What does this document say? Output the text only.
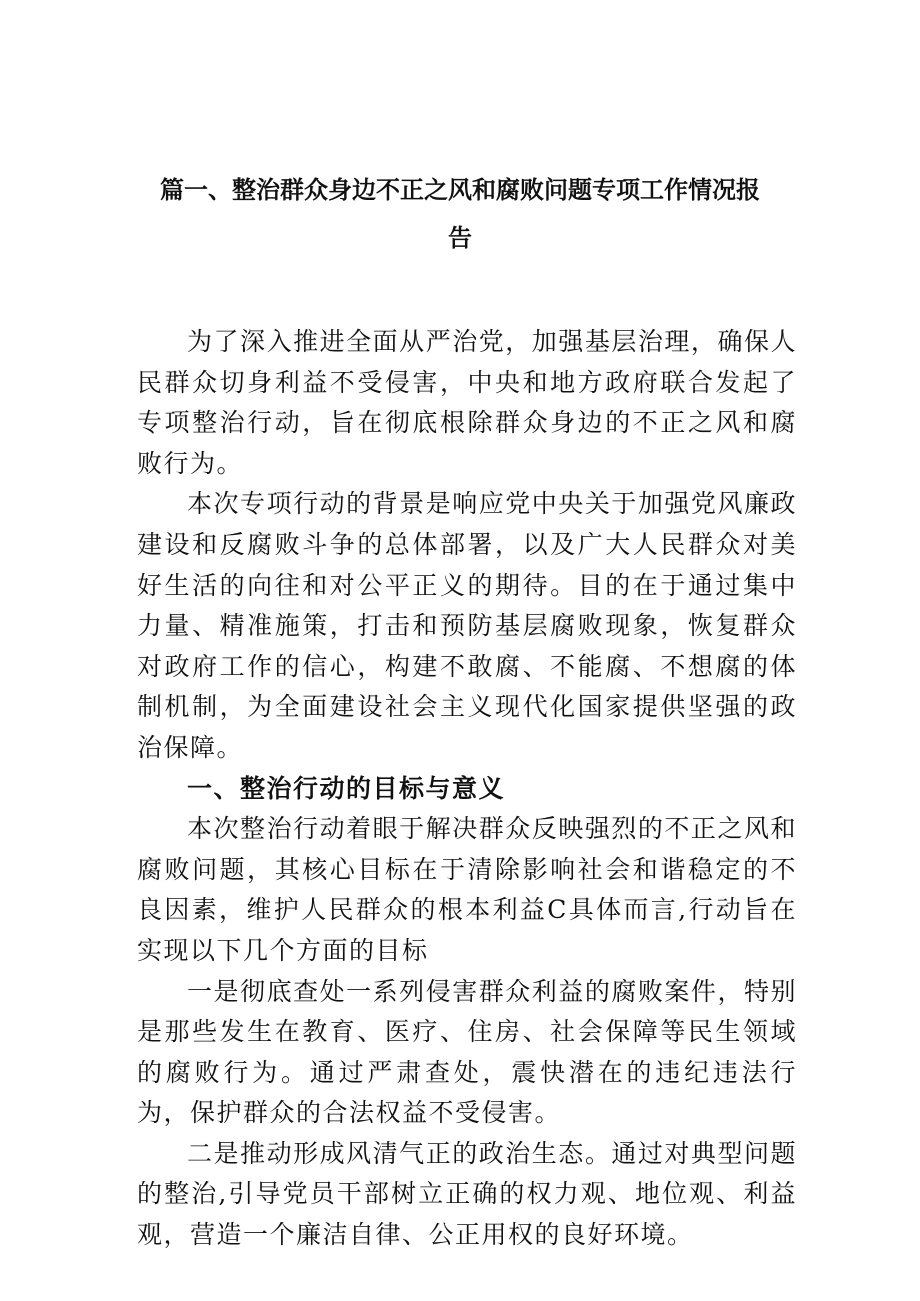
篇一、整治群众身边不正之风和腐败问题专项工作情况报
告

为了深入推进全面从严治党，加强基层治理，确保人民群众切身利益不受侵害，中央和地方政府联合发起了专项整治行动，旨在彻底根除群众身边的不正之风和腐败行为。

本次专项行动的背景是响应党中央关于加强党风廉政建设和反腐败斗争的总体部署，以及广大人民群众对美好生活的向往和对公平正义的期待。目的在于通过集中力量、精准施策，打击和预防基层腐败现象，恢复群众对政府工作的信心，构建不敢腐、不能腐、不想腐的体制机制，为全面建设社会主义现代化国家提供坚强的政治保障。

一、整治行动的目标与意义

本次整治行动着眼于解决群众反映强烈的不正之风和腐败问题，其核心目标在于清除影响社会和谐稳定的不良因素，维护人民群众的根本利益C具体而言,行动旨在实现以下几个方面的目标

一是彻底查处一系列侵害群众利益的腐败案件，特别是那些发生在教育、医疗、住房、社会保障等民生领域的腐败行为。通过严肃查处，震快潜在的违纪违法行为，保护群众的合法权益不受侵害。

二是推动形成风清气正的政治生态。通过对典型问题的整治,引导党员干部树立正确的权力观、地位观、利益观，营造一个廉洁自律、公正用权的良好环境。
